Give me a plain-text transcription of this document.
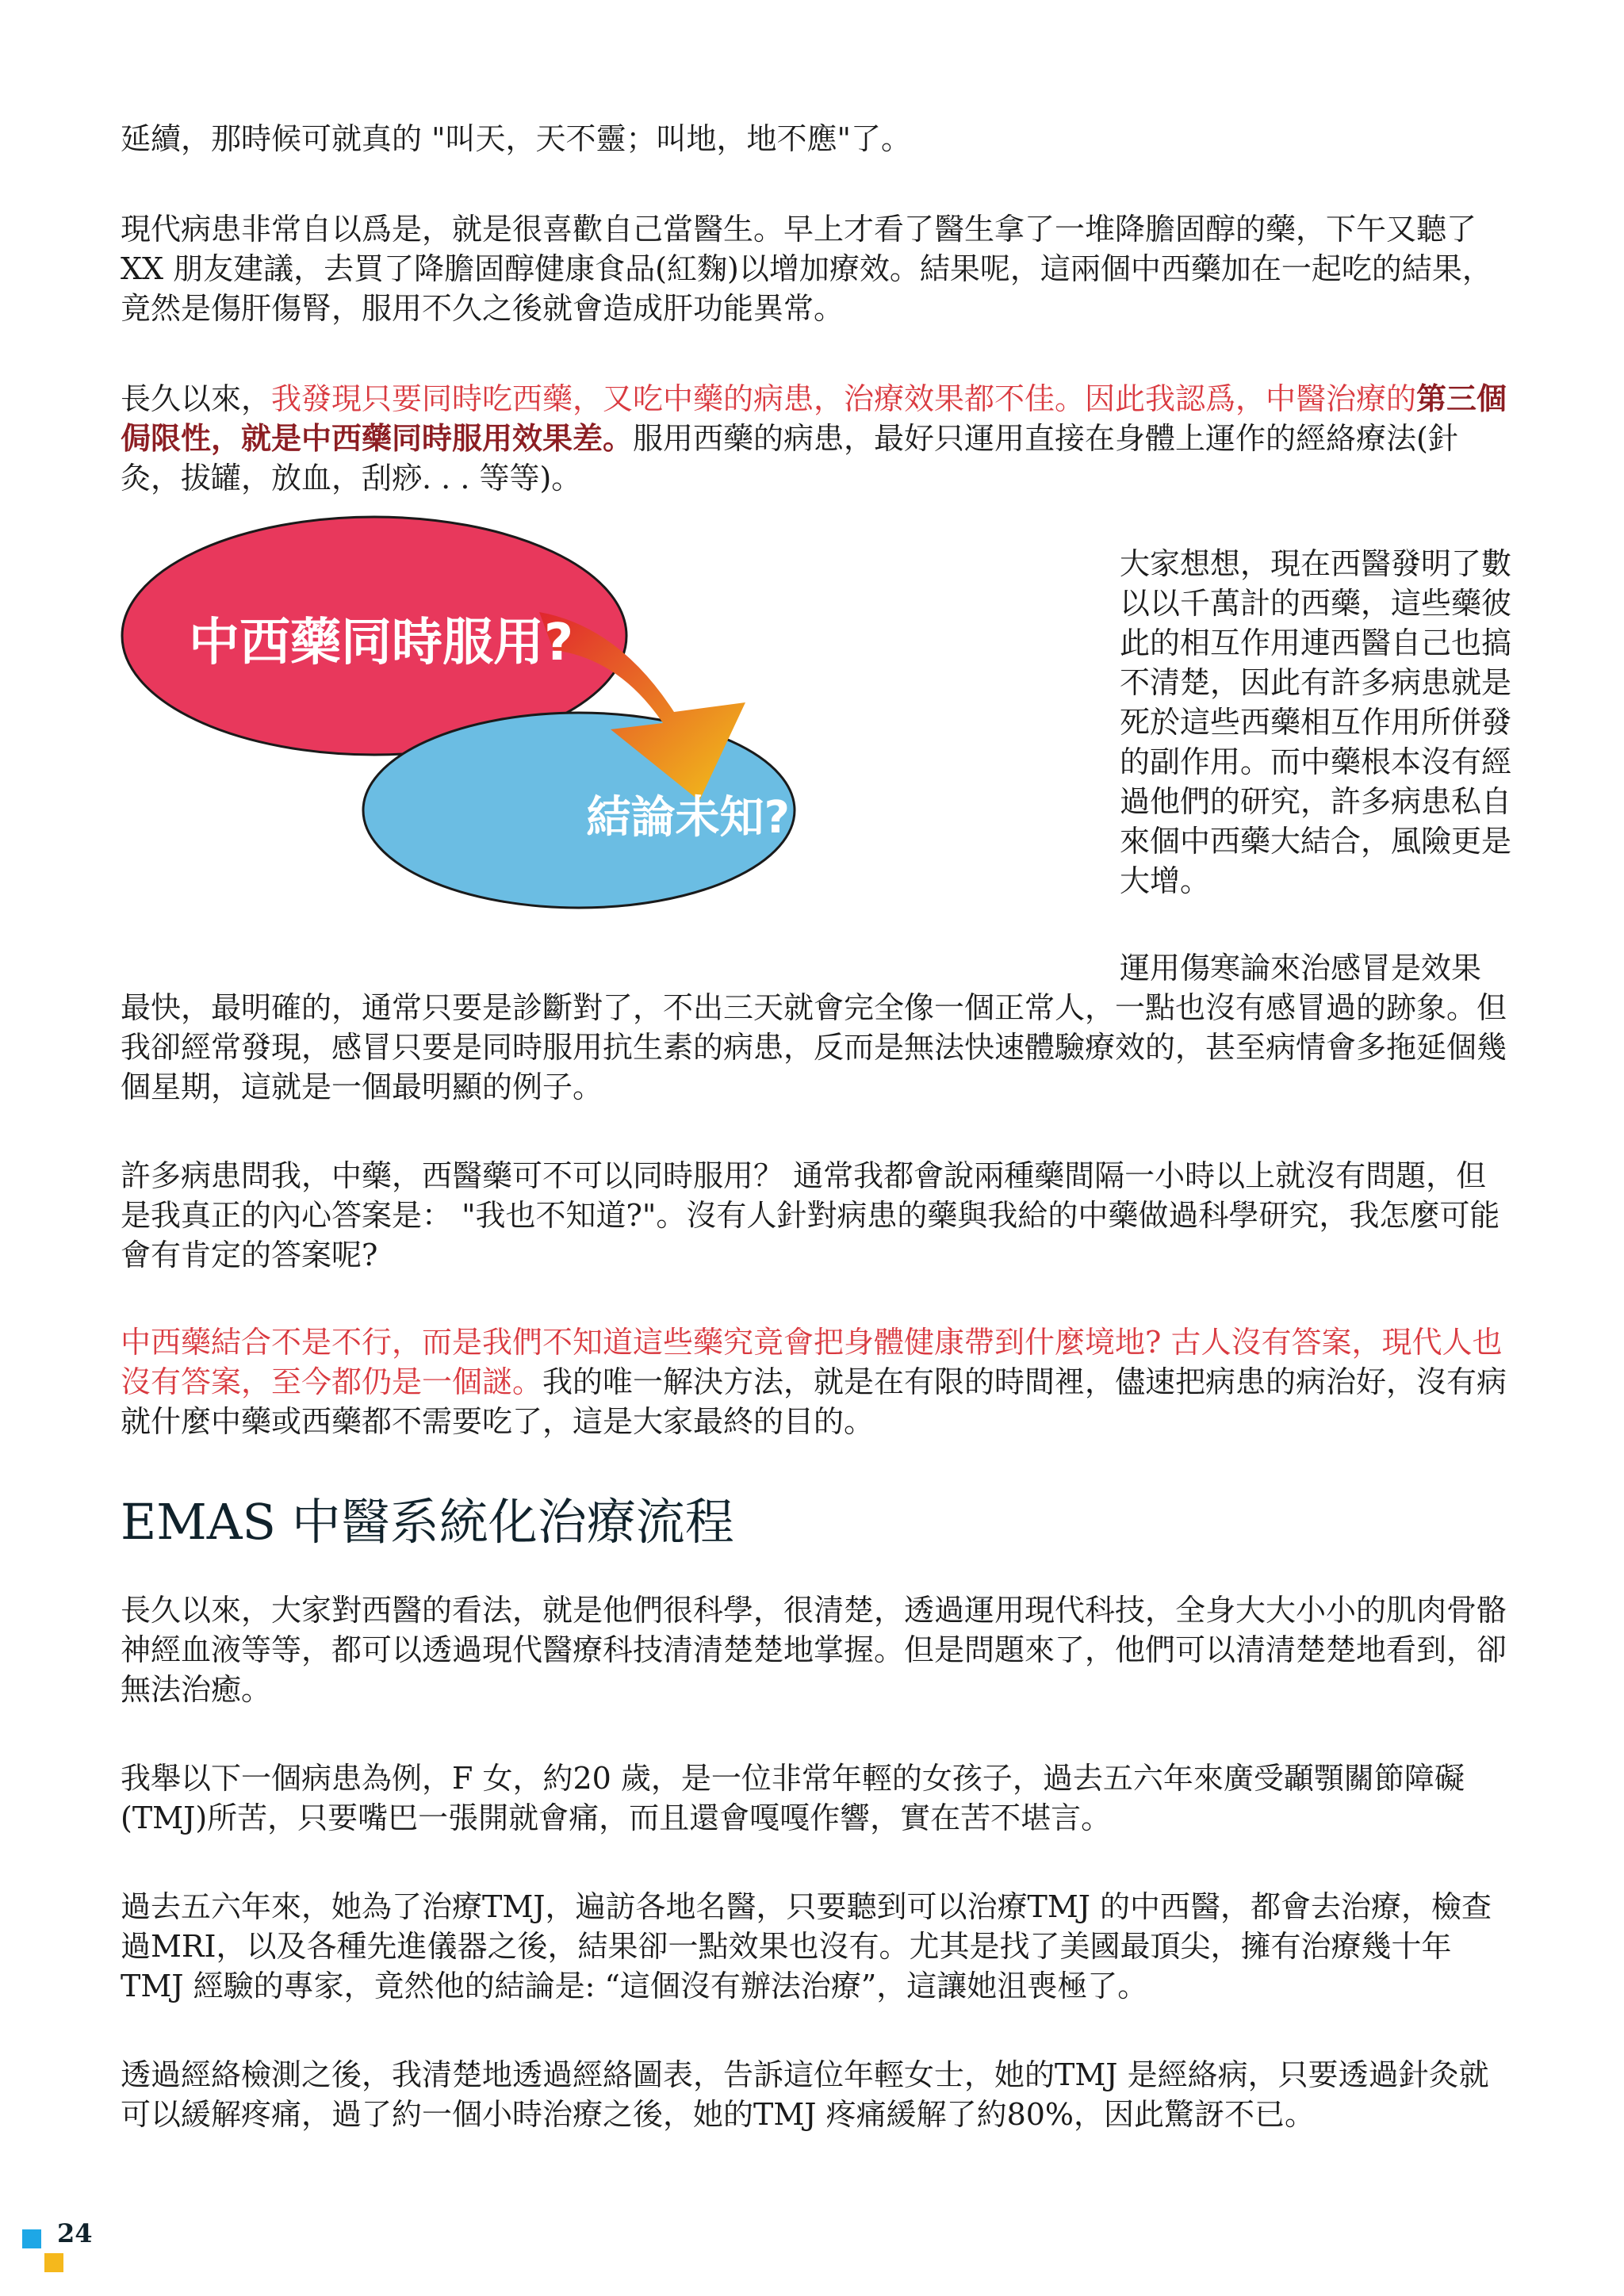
延續，那時候可就真的 "叫天，天不靈；叫地，地不應"了。

現代病患非常自以爲是，就是很喜歡自己當醫生。早上才看了醫生拿了一堆降膽固醇的藥，下午又聽了XX 朋友建議，去買了降膽固醇健康食品(紅麴)以增加療效。結果呢，這兩個中西藥加在一起吃的結果，竟然是傷肝傷腎，服用不久之後就會造成肝功能異常。

長久以來，我發現只要同時吃西藥，又吃中藥的病患，治療效果都不佳。因此我認爲，中醫治療的第三個侷限性，就是中西藥同時服用效果差。服用西藥的病患，最好只運用直接在身體上運作的經絡療法(針灸，拔罐，放血，刮痧. . . 等等)。

中西藥同時服用?
結論未知?

大家想想，現在西醫發明了數以以千萬計的西藥，這些藥彼此的相互作用連西醫自己也搞不清楚，因此有許多病患就是死於這些西藥相互作用所併發的副作用。而中藥根本沒有經過他們的研究，許多病患私自來個中西藥大結合，風險更是大增。

運用傷寒論來治感冒是效果

最快，最明確的，通常只要是診斷對了，不出三天就會完全像一個正常人，一點也沒有感冒過的跡象。但我卻經常發現，感冒只要是同時服用抗生素的病患，反而是無法快速體驗療效的，甚至病情會多拖延個幾個星期，這就是一個最明顯的例子。

許多病患問我，中藥，西醫藥可不可以同時服用？ 通常我都會說兩種藥間隔一小時以上就沒有問題，但是我真正的內心答案是： "我也不知道?"。沒有人針對病患的藥與我給的中藥做過科學研究，我怎麼可能會有肯定的答案呢?

中西藥結合不是不行，而是我們不知道這些藥究竟會把身體健康帶到什麼境地? 古人沒有答案，現代人也沒有答案，至今都仍是一個謎。我的唯一解決方法，就是在有限的時間裡，儘速把病患的病治好，沒有病就什麼中藥或西藥都不需要吃了，這是大家最終的目的。

EMAS 中醫系統化治療流程

長久以來，大家對西醫的看法，就是他們很科學，很清楚，透過運用現代科技，全身大大小小的肌肉骨骼神經血液等等，都可以透過現代醫療科技清清楚楚地掌握。但是問題來了，他們可以清清楚楚地看到，卻無法治癒。

我舉以下一個病患為例，F 女，約20 歲，是一位非常年輕的女孩子，過去五六年來廣受顳顎關節障礙(TMJ)所苦，只要嘴巴一張開就會痛，而且還會嘎嘎作響，實在苦不堪言。

過去五六年來，她為了治療TMJ，遍訪各地名醫，只要聽到可以治療TMJ 的中西醫，都會去治療，檢查過MRI，以及各種先進儀器之後，結果卻一點效果也沒有。尤其是找了美國最頂尖，擁有治療幾十年 TMJ 經驗的專家，竟然他的結論是: “這個沒有辦法治療”，這讓她沮喪極了。

透過經絡檢測之後，我清楚地透過經絡圖表，告訴這位年輕女士，她的TMJ 是經絡病，只要透過針灸就可以緩解疼痛，過了約一個小時治療之後，她的TMJ 疼痛緩解了約80%，因此驚訝不已。

24
